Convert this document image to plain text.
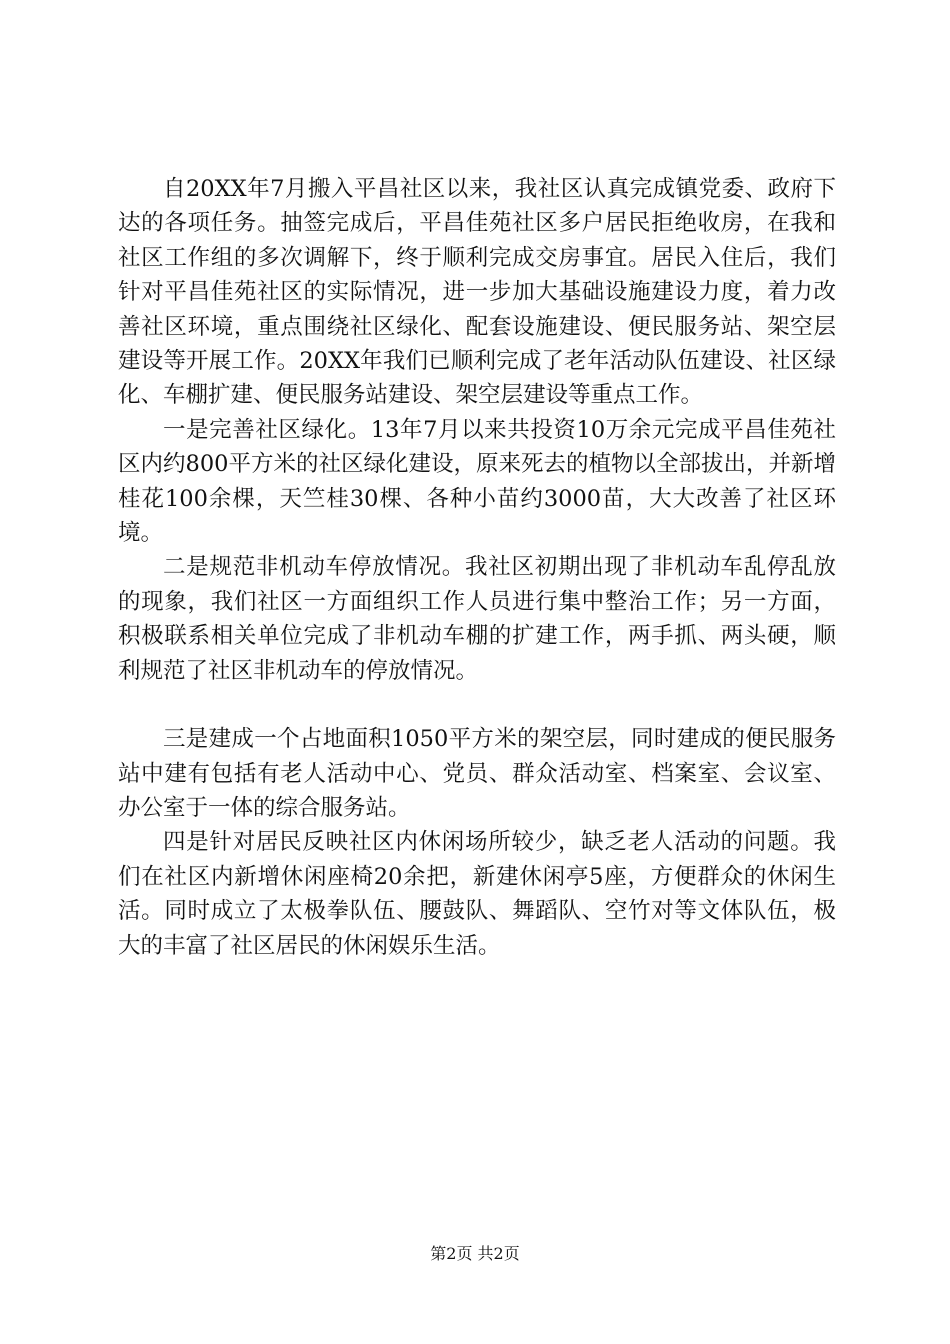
自20XX年7月搬入平昌社区以来，我社区认真完成镇党委、政府下达的各项任务。抽签完成后，平昌佳苑社区多户居民拒绝收房，在我和社区工作组的多次调解下，终于顺利完成交房事宜。居民入住后，我们针对平昌佳苑社区的实际情况，进一步加大基础设施建设力度，着力改善社区环境，重点围绕社区绿化、配套设施建设、便民服务站、架空层建设等开展工作。20XX年我们已顺利完成了老年活动队伍建设、社区绿化、车棚扩建、便民服务站建设、架空层建设等重点工作。

一是完善社区绿化。13年7月以来共投资10万余元完成平昌佳苑社区内约800平方米的社区绿化建设，原来死去的植物以全部拔出，并新增桂花100余棵，天竺桂30棵、各种小苗约3000苗，大大改善了社区环境。

二是规范非机动车停放情况。我社区初期出现了非机动车乱停乱放的现象，我们社区一方面组织工作人员进行集中整治工作；另一方面，积极联系相关单位完成了非机动车棚的扩建工作，两手抓、两头硬，顺利规范了社区非机动车的停放情况。

三是建成一个占地面积1050平方米的架空层，同时建成的便民服务站中建有包括有老人活动中心、党员、群众活动室、档案室、会议室、办公室于一体的综合服务站。

四是针对居民反映社区内休闲场所较少，缺乏老人活动的问题。我们在社区内新增休闲座椅20余把，新建休闲亭5座，方便群众的休闲生活。同时成立了太极拳队伍、腰鼓队、舞蹈队、空竹对等文体队伍，极大的丰富了社区居民的休闲娱乐生活。

第2页 共2页
